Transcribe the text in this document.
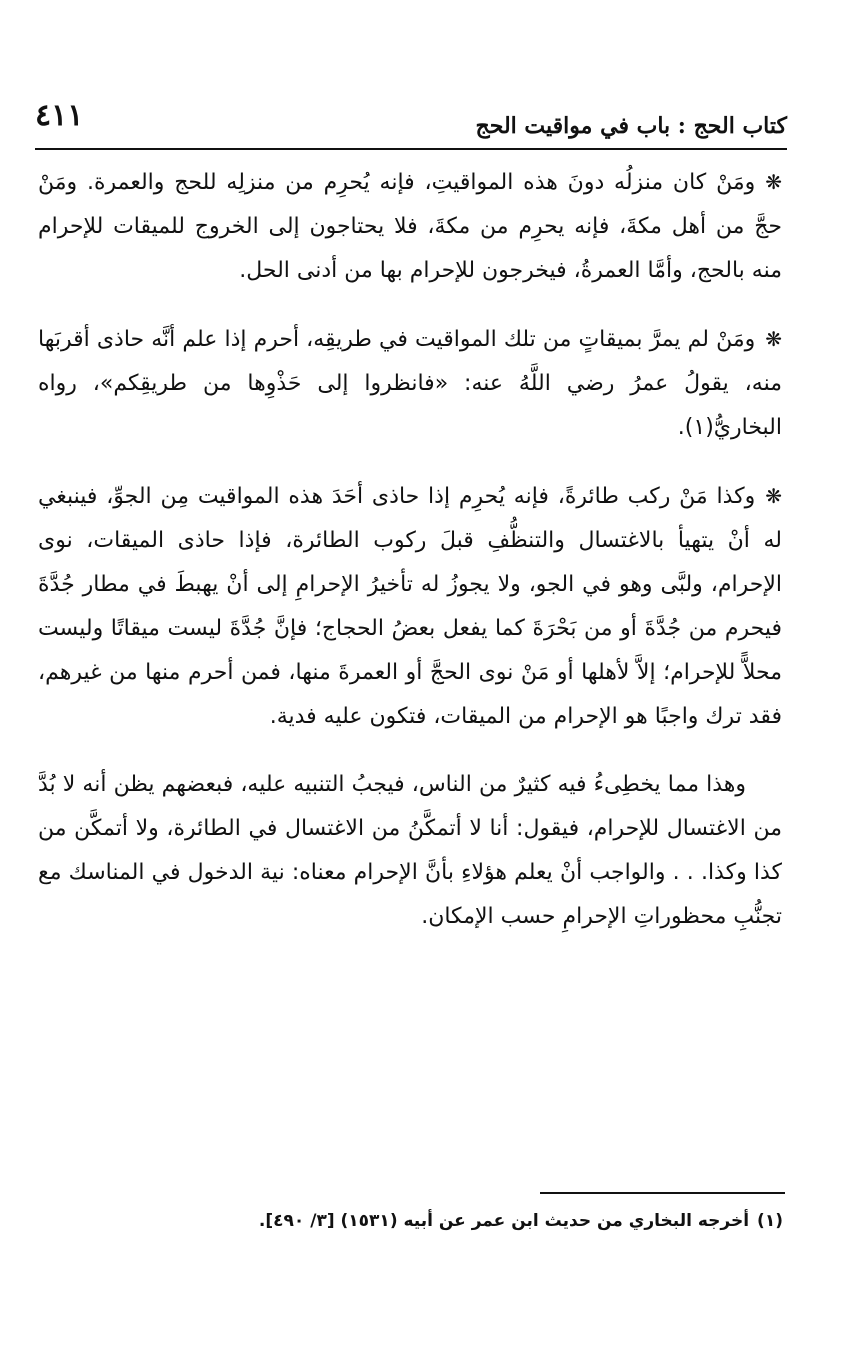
كتاب الحج : باب في مواقيت الحج
٤١١

❋ومَنْ كان منزلُه دونَ هذه المواقيتِ، فإنه يُحرِم من منزلِه للحج والعمرة. ومَنْ حجَّ من أهل مكةَ، فإنه يحرِم من مكةَ، فلا يحتاجون إلى الخروج للميقات للإحرام منه بالحج، وأمَّا العمرةُ، فيخرجون للإحرام بها من أدنى الحل.

❋ومَنْ لم يمرَّ بميقاتٍ من تلك المواقيت في طريقِه، أحرم إذا علم أنَّه حاذى أقربَها منه، يقولُ عمرُ رضي اللَّهُ عنه: «فانظروا إلى حَذْوِها من طريقِكم»، رواه البخاريُّ(١).

❋وكذا مَنْ ركب طائرةً، فإنه يُحرِم إذا حاذى أحَدَ هذه المواقيت مِن الجوِّ، فينبغي له أنْ يتهيأ بالاغتسال والتنظُّفِ قبلَ ركوب الطائرة، فإذا حاذى الميقات، نوى الإحرام، ولبَّى وهو في الجو، ولا يجوزُ له تأخيرُ الإحرامِ إلى أنْ يهبطَ في مطار جُدَّةَ فيحرم من جُدَّةَ أو من بَحْرَةَ كما يفعل بعضُ الحجاج؛ فإنَّ جُدَّةَ ليست ميقاتًا وليست محلاًّ للإحرام؛ إلاَّ لأهلها أو مَنْ نوى الحجَّ أو العمرةَ منها، فمن أحرم منها من غيرهم، فقد ترك واجبًا هو الإحرام من الميقات، فتكون عليه فدية.

وهذا مما يخطِىءُ فيه كثيرٌ من الناس، فيجبُ التنبيه عليه، فبعضهم يظن أنه لا بُدَّ من الاغتسال للإحرام، فيقول: أنا لا أتمكَّنُ من الاغتسال في الطائرة، ولا أتمكَّن من كذا وكذا. . . والواجب أنْ يعلم هؤلاءِ بأنَّ الإحرام معناه: نية الدخول في المناسك مع تجنُّبِ محظوراتِ الإحرامِ حسب الإمكان.

(١)أخرجه البخاري من حديث ابن عمر عن أبيه (١٥٣١) [٣/ ٤٩٠].
